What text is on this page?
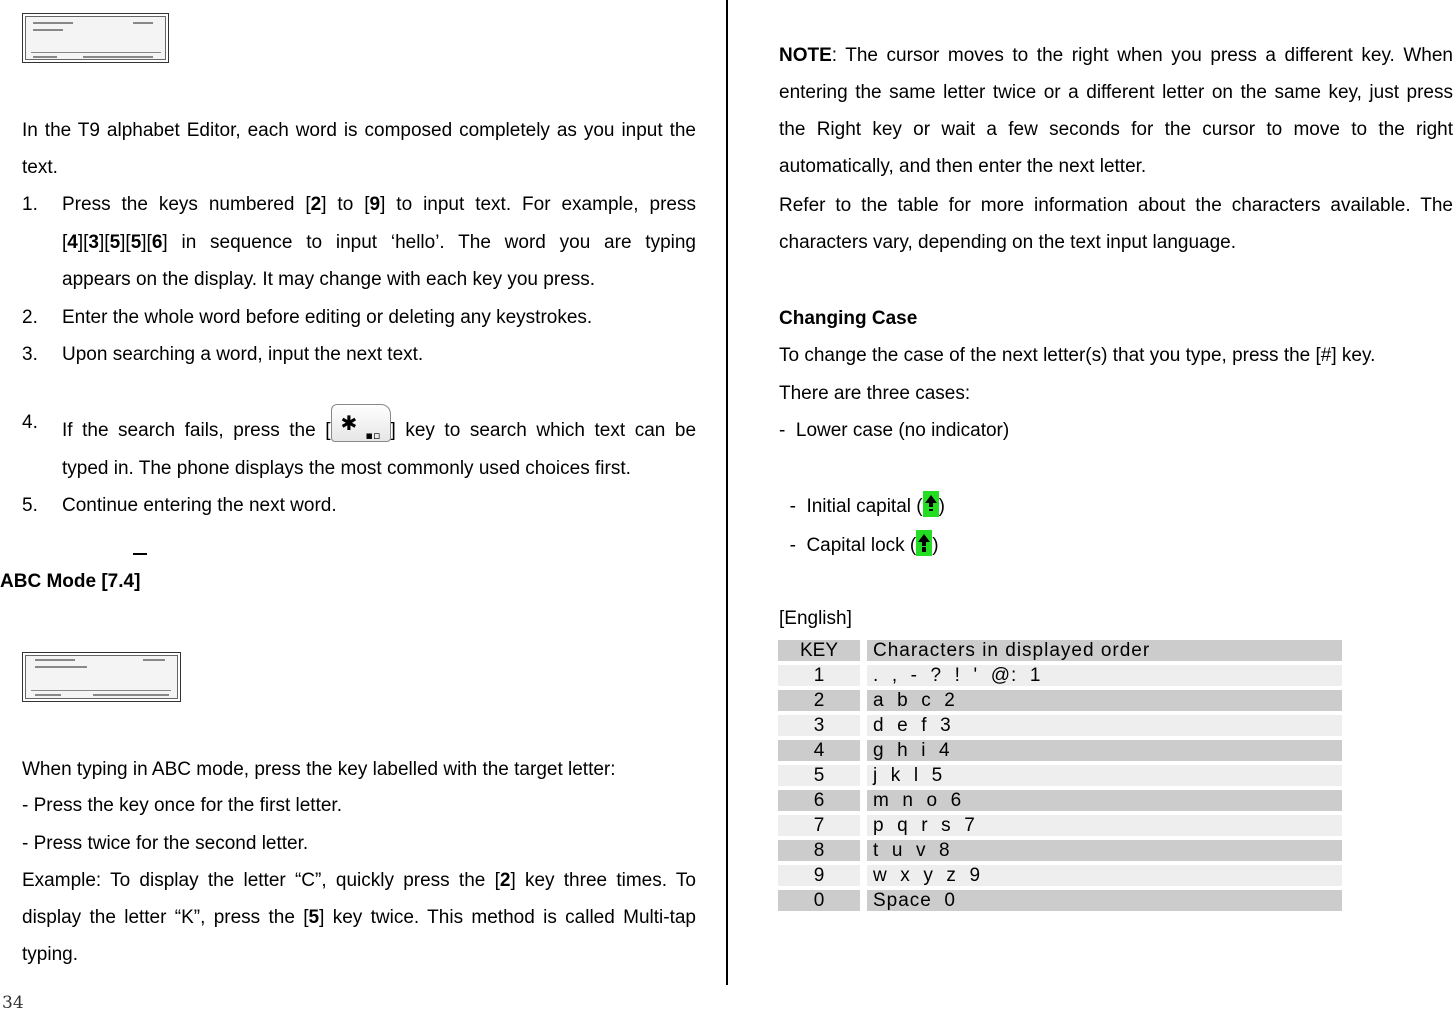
In the T9 alphabet Editor, each word is composed completely as you input the text.
1. Press the keys numbered [2] to [9] to input text. For example, press
[4][3][5][5][6] in sequence to input ‘hello’. The word you are typing
appears on the display. It may change with each key you press.
2. Enter the whole word before editing or deleting any keystrokes.
3. Upon searching a word, input the next text.
4. If the search fails, press the [ ✱
▪▫ ] key to search which text can be
typed in. The phone displays the most commonly used choices first.
5. Continue entering the next word.
ABC Mode [7.4]
When typing in ABC mode, press the key labelled with the target letter:
- Press the key once for the first letter.
- Press twice for the second letter.
Example: To display the letter “C”, quickly press the [2] key three times. To display the letter “K”, press the [5] key twice. This method is called Multi-tap typing.
34
NOTE: The cursor moves to the right when you press a different key. When entering the same letter twice or a different letter on the same key, just press the Right key or wait a few seconds for the cursor to move to the right automatically, and then enter the next letter.
Refer to the table for more information about the characters available. The characters vary, depending on the text input language.
Changing Case
To change the case of the next letter(s) that you type, press the [#] key.
There are three cases:
-  Lower case (no indicator)

-  Initial capital ( )

-  Capital lock ( )

[English]
KEY		Characters in displayed order
1		.  ,  -  ?  !  '  @:  1
2		a  b  c  2
3		d  e  f  3
4		g  h  i  4
5		j  k  l  5
6		m  n  o  6
7		p  q  r  s  7
8		t  u  v  8
9		w  x  y  z  9
0		Space  0
